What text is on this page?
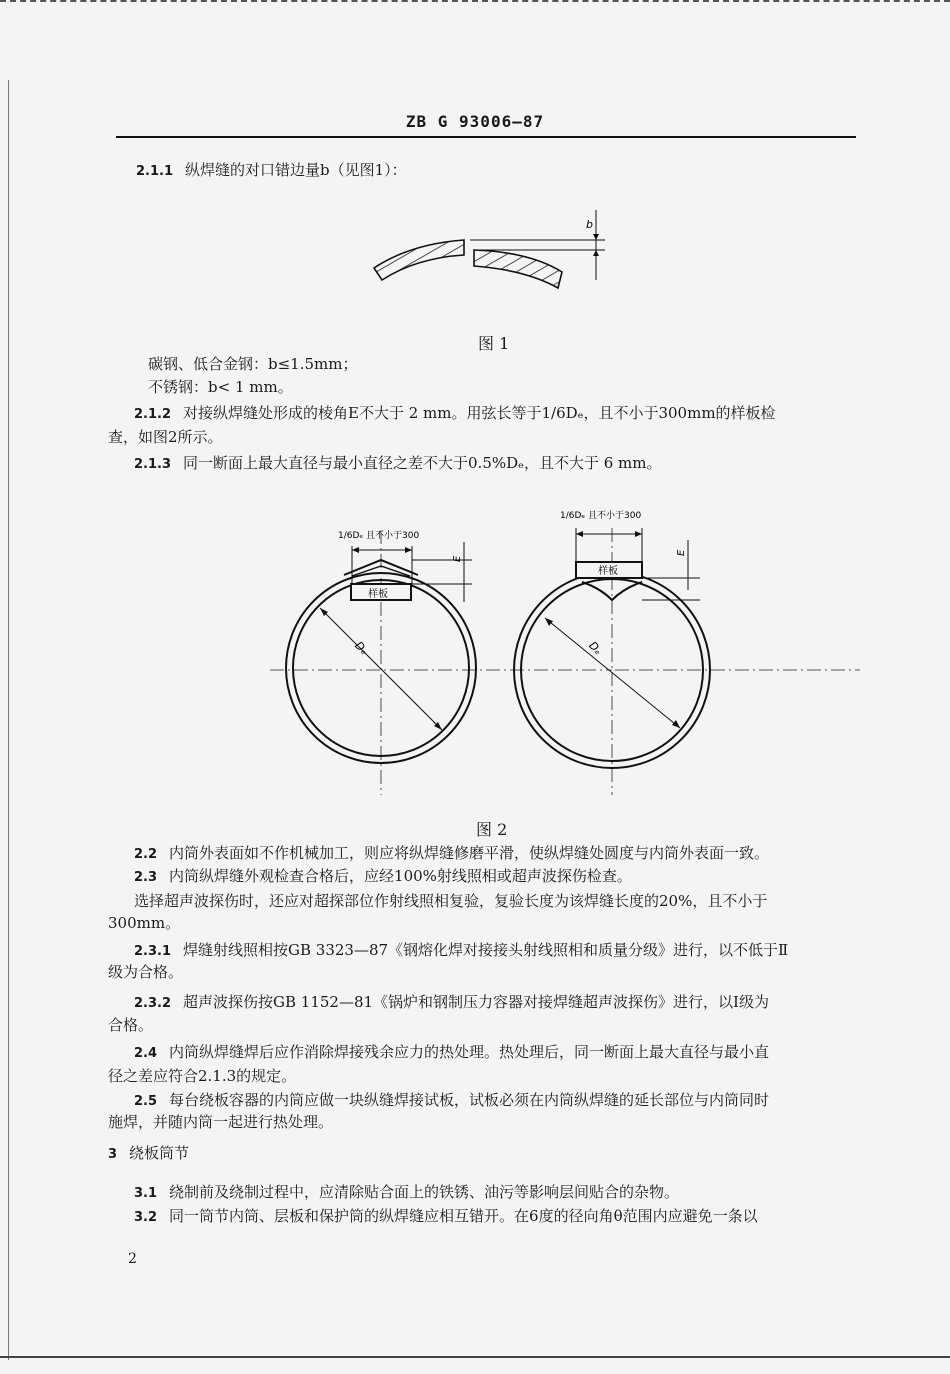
ZB G 93006—87
2.1.1 纵焊缝的对口错边量b（见图1）：
b
图 1
碳钢、低合金钢：b≤1.5mm；
不锈钢：b< 1 mm。
2.1.2 对接纵焊缝处形成的棱角E不大于 2 mm。用弦长等于1/6Dₑ，且不小于300mm的样板检
查，如图2所示。
2.1.3 同一断面上最大直径与最小直径之差不大于0.5%Dₑ，且不大于 6 mm。
样板
1/6Dₑ 且不小于300
E
Dₑ
样板
1/6Dₑ 且不小于300
E
Dₑ
图 2
2.2 内筒外表面如不作机械加工，则应将纵焊缝修磨平滑，使纵焊缝处圆度与内筒外表面一致。
2.3 内筒纵焊缝外观检查合格后，应经100%射线照相或超声波探伤检查。
选择超声波探伤时，还应对超探部位作射线照相复验，复验长度为该焊缝长度的20%，且不小于
300mm。
2.3.1 焊缝射线照相按GB 3323—87《钢熔化焊对接接头射线照相和质量分级》进行，以不低于Ⅱ
级为合格。
2.3.2 超声波探伤按GB 1152—81《锅炉和钢制压力容器对接焊缝超声波探伤》进行，以Ⅰ级为
合格。
2.4 内筒纵焊缝焊后应作消除焊接残余应力的热处理。热处理后，同一断面上最大直径与最小直
径之差应符合2.1.3的规定。
2.5 每台绕板容器的内筒应做一块纵缝焊接试板，试板必须在内筒纵焊缝的延长部位与内筒同时
施焊，并随内筒一起进行热处理。
3 绕板筒节
3.1 绕制前及绕制过程中，应清除贴合面上的铁锈、油污等影响层间贴合的杂物。
3.2 同一筒节内筒、层板和保护筒的纵焊缝应相互错开。在6度的径向角θ范围内应避免一条以
2
